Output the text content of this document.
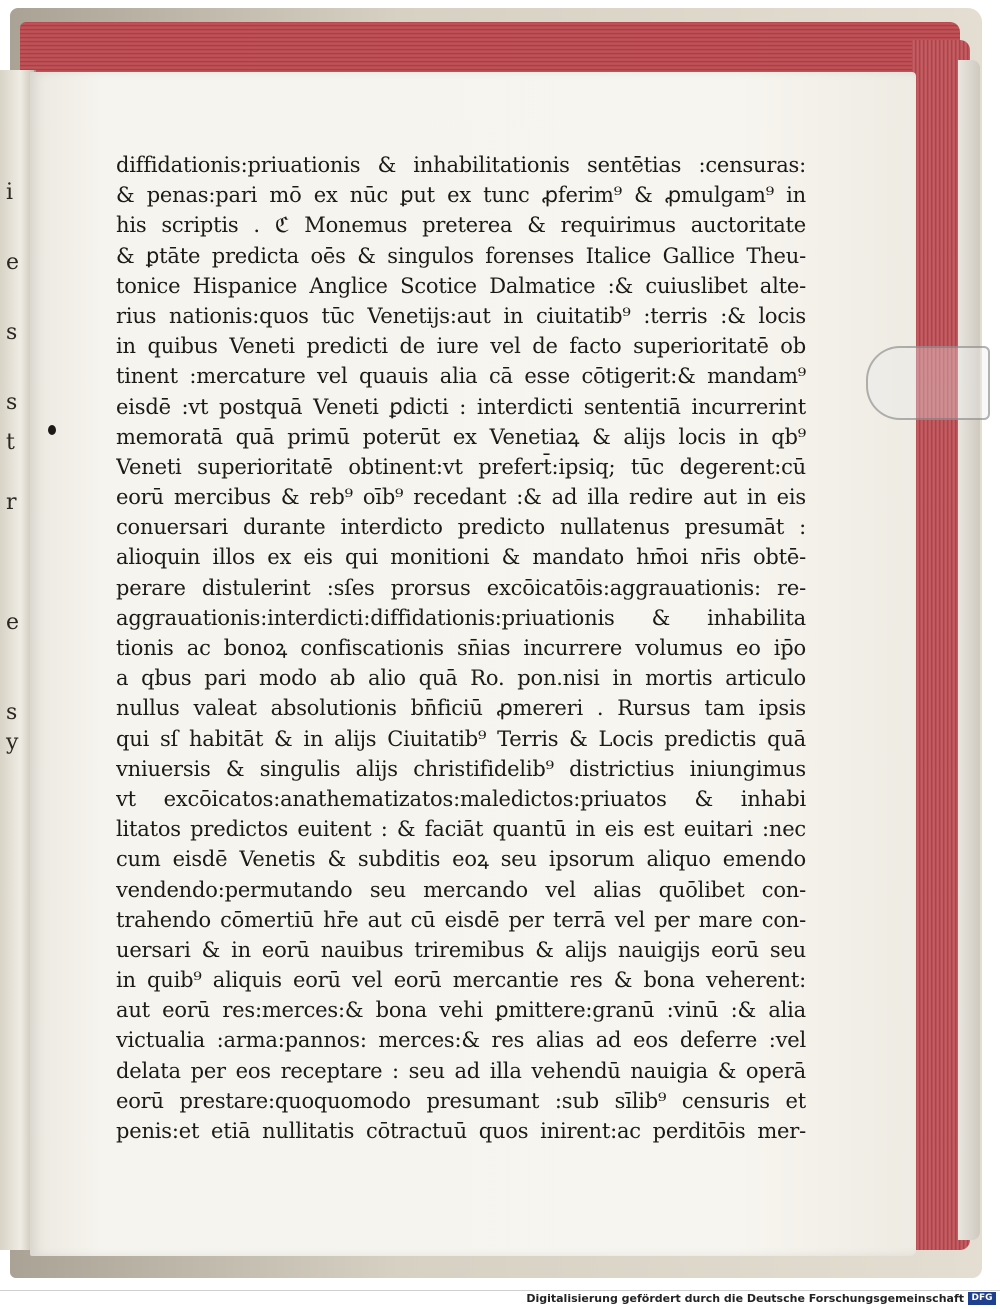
i
e
s
s
t
r
e
s
y
diffidationis:priuationis & inhabilitationis sentētias :censuras:
& penas:pari mō ex nūc ꝑut ex tunc ꝓferim⁹ & ꝓmulgam⁹ in
his scriptis . ℭ Monemus preterea & requirimus auctoritate
& ꝑtāte predicta oēs & singulos forenses Italice Gallice Theu-
tonice Hispanice Anglice Scotice Dalmatice :& cuiuslibet alte-
rius nationis:quos tūc Venetijs:aut in ciuitatib⁹ :terris :& locis
in quibus Veneti predicti de iure vel de facto superioritatē ob
tinent :mercature vel quauis alia cā esse cōtigerit:& mandam⁹
eisdē :vt postquā Veneti ꝑdicti : interdicti sententiā incurrerint
memoratā quā primū poterūt ex Venetiaꝝ & alijs locis in qb⁹
Veneti superioritatē obtinent:vt prefert̄:ipsiq; tūc degerent:cū
eorū mercibus & reb⁹ oīb⁹ recedant :& ad illa redire aut in eis
conuersari durante interdicto predicto nullatenus presumāt :
alioquin illos ex eis qui monitioni & mandato hm̄oi nr̄is obtē-
perare distulerint :sſes prorsus excōicatōis:aggrauationis: re-
aggrauationis:interdicti:diffidationis:priuationis & inhabilita
tionis ac bonoꝝ confiscationis sn̄ias incurrere volumus eo ip̄o
a qbus pari modo ab alio quā Ro. pon.nisi in mortis articulo
nullus valeat absolutionis bn̄ficiū ꝓmereri . Rursus tam ipsis
qui sſ habitāt & in alijs Ciuitatib⁹ Terris & Locis predictis quā
vniuersis & singulis alijs christifidelib⁹ districtius iniungimus
vt excōicatos:anathematizatos:maledictos:priuatos & inhabi
litatos predictos euitent : & faciāt quantū in eis est euitari :nec
cum eisdē Venetis & subditis eoꝝ seu ipsorum aliquo emendo
vendendo:permutando seu mercando vel alias quōlibet con-
trahendo cōmertiū hr̄e aut cū eisdē per terrā vel per mare con-
uersari & in eorū nauibus triremibus & alijs nauigijs eorū seu
in quib⁹ aliquis eorū vel eorū mercantie res & bona veherent:
aut eorū res:merces:& bona vehi ꝑmittere:granū :vinū :& alia
victualia :arma:pannos: merces:& res alias ad eos deferre :vel
delata per eos receptare : seu ad illa vehendū nauigia & operā
eorū prestare:quoquomodo presumant :sub sīlib⁹ censuris et
penis:et etiā nullitatis cōtractuū quos inirent:ac perditōis mer-
Digitalisierung gefördert durch die Deutsche Forschungsgemeinschaft DFG
